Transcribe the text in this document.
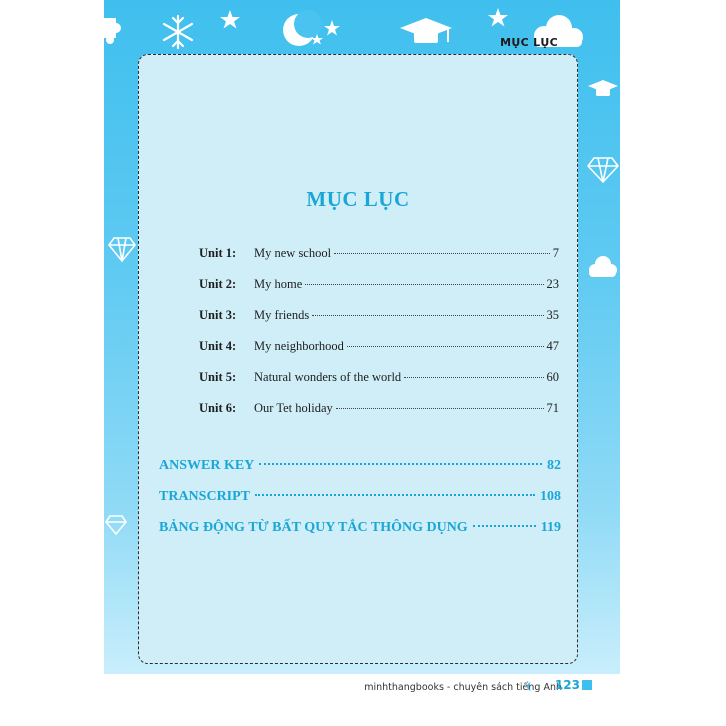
MỤC LỤC
MỤC LỤC
Unit 1:	My new school	7
Unit 2:	My home	23
Unit 3:	My friends	35
Unit 4:	My neighborhood	47
Unit 5:	Natural wonders of the world	60
Unit 6:	Our Tet holiday	71
ANSWER KEY	82
TRANSCRIPT	108
BẢNG ĐỘNG TỪ BẤT QUY TẮC THÔNG DỤNG	119
minhthangbooks - chuyên sách tiếng Anh
123
